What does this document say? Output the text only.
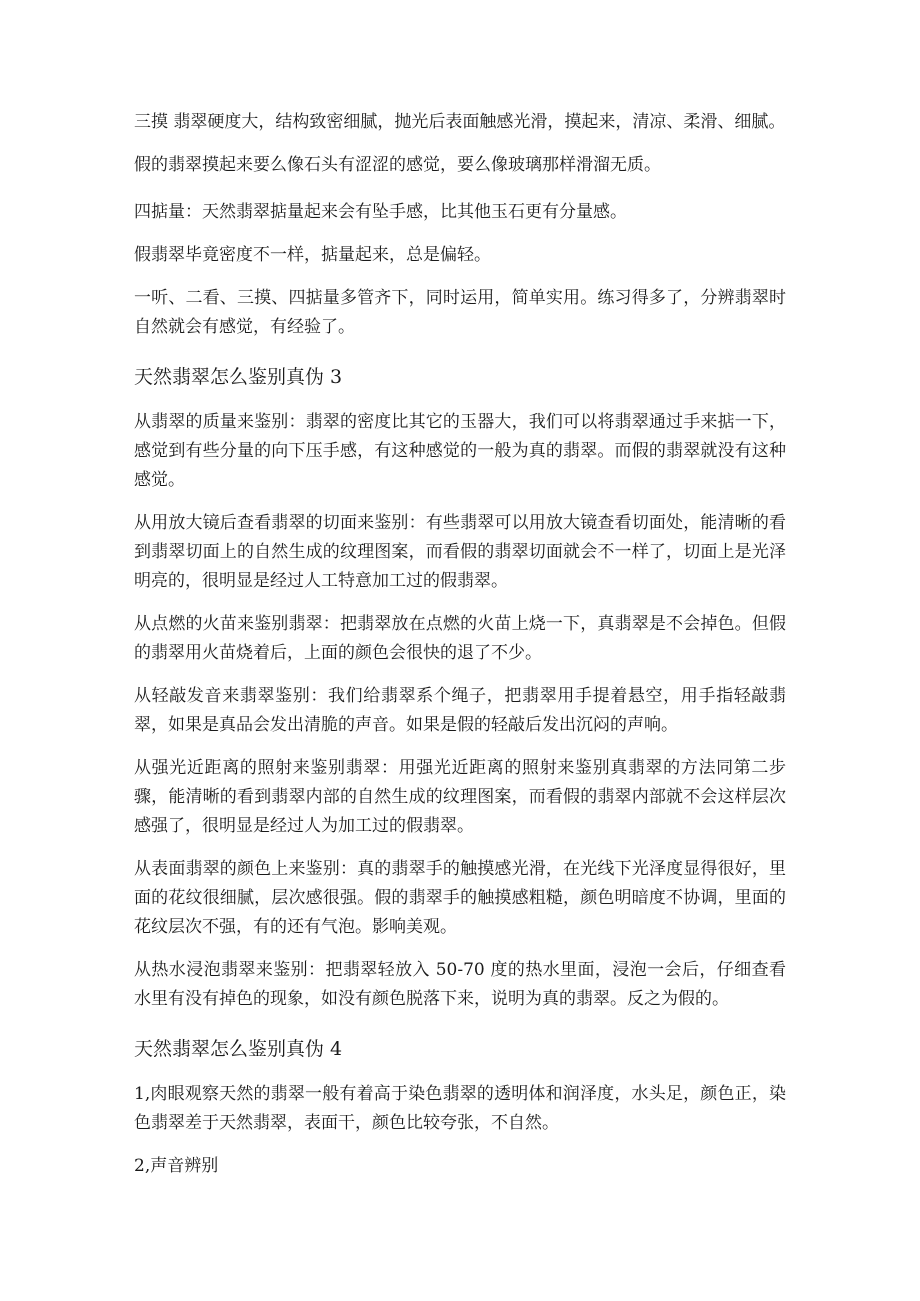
三摸 翡翠硬度大，结构致密细腻，抛光后表面触感光滑，摸起来，清凉、柔滑、细腻。

假的翡翠摸起来要么像石头有涩涩的感觉，要么像玻璃那样滑溜无质。

四掂量：天然翡翠掂量起来会有坠手感，比其他玉石更有分量感。

假翡翠毕竟密度不一样，掂量起来，总是偏轻。

一听、二看、三摸、四掂量多管齐下，同时运用，简单实用。练习得多了，分辨翡翠时自然就会有感觉，有经验了。

天然翡翠怎么鉴别真伪 3

从翡翠的质量来鉴别：翡翠的密度比其它的玉器大，我们可以将翡翠通过手来掂一下，感觉到有些分量的向下压手感，有这种感觉的一般为真的翡翠。而假的翡翠就没有这种感觉。

从用放大镜后查看翡翠的切面来鉴别：有些翡翠可以用放大镜查看切面处，能清晰的看到翡翠切面上的自然生成的纹理图案，而看假的翡翠切面就会不一样了，切面上是光泽明亮的，很明显是经过人工特意加工过的假翡翠。

从点燃的火苗来鉴别翡翠：把翡翠放在点燃的火苗上烧一下，真翡翠是不会掉色。但假的翡翠用火苗烧着后，上面的颜色会很快的退了不少。

从轻敲发音来翡翠鉴别：我们给翡翠系个绳子，把翡翠用手提着悬空，用手指轻敲翡翠，如果是真品会发出清脆的声音。如果是假的轻敲后发出沉闷的声响。

从强光近距离的照射来鉴别翡翠：用强光近距离的照射来鉴别真翡翠的方法同第二步骤，能清晰的看到翡翠内部的自然生成的纹理图案，而看假的翡翠内部就不会这样层次感强了，很明显是经过人为加工过的假翡翠。

从表面翡翠的颜色上来鉴别：真的翡翠手的触摸感光滑，在光线下光泽度显得很好，里面的花纹很细腻，层次感很强。假的翡翠手的触摸感粗糙，颜色明暗度不协调，里面的花纹层次不强，有的还有气泡。影响美观。

从热水浸泡翡翠来鉴别：把翡翠轻放入 50-70 度的热水里面，浸泡一会后，仔细查看水里有没有掉色的现象，如没有颜色脱落下来，说明为真的翡翠。反之为假的。

天然翡翠怎么鉴别真伪 4

1,肉眼观察天然的翡翠一般有着高于染色翡翠的透明体和润泽度，水头足，颜色正，染色翡翠差于天然翡翠，表面干，颜色比较夸张，不自然。

2,声音辨别
